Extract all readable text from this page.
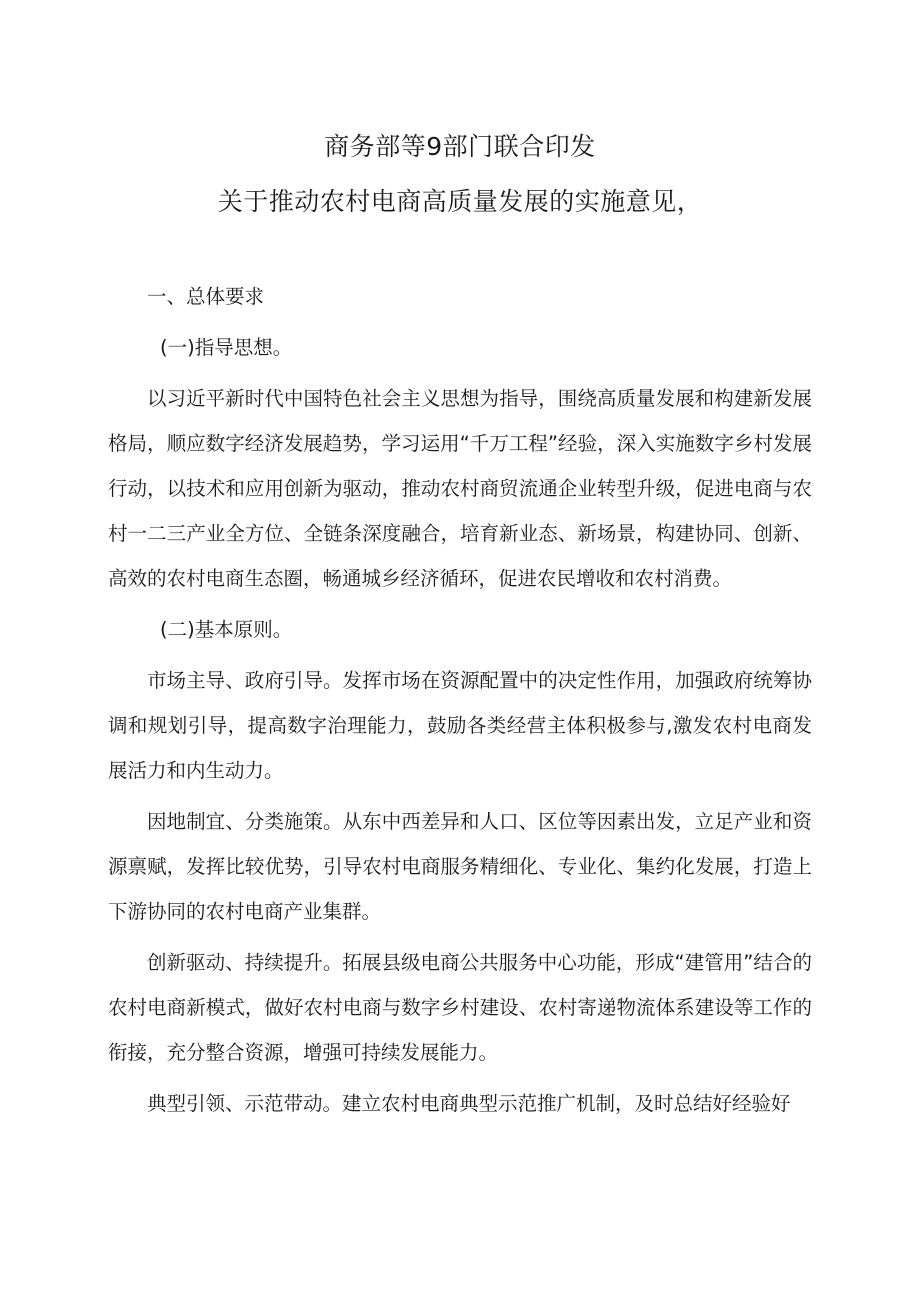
商务部等9部门联合印发
关于推动农村电商高质量发展的实施意见，

一、总体要求

(一)指导思想。

以习近平新时代中国特色社会主义思想为指导，围绕高质量发展和构建新发展格局，顺应数字经济发展趋势，学习运用“千万工程”经验，深入实施数字乡村发展行动，以技术和应用创新为驱动，推动农村商贸流通企业转型升级，促进电商与农村一二三产业全方位、全链条深度融合，培育新业态、新场景，构建协同、创新、高效的农村电商生态圈，畅通城乡经济循环，促进农民增收和农村消费。

(二)基本原则。

市场主导、政府引导。发挥市场在资源配置中的决定性作用，加强政府统筹协调和规划引导，提高数字治理能力，鼓励各类经营主体积极参与,激发农村电商发展活力和内生动力。

因地制宜、分类施策。从东中西差异和人口、区位等因素出发，立足产业和资源禀赋，发挥比较优势，引导农村电商服务精细化、专业化、集约化发展，打造上下游协同的农村电商产业集群。

创新驱动、持续提升。拓展县级电商公共服务中心功能，形成“建管用”结合的农村电商新模式，做好农村电商与数字乡村建设、农村寄递物流体系建设等工作的衔接，充分整合资源，增强可持续发展能力。

典型引领、示范带动。建立农村电商典型示范推广机制，及时总结好经验好
